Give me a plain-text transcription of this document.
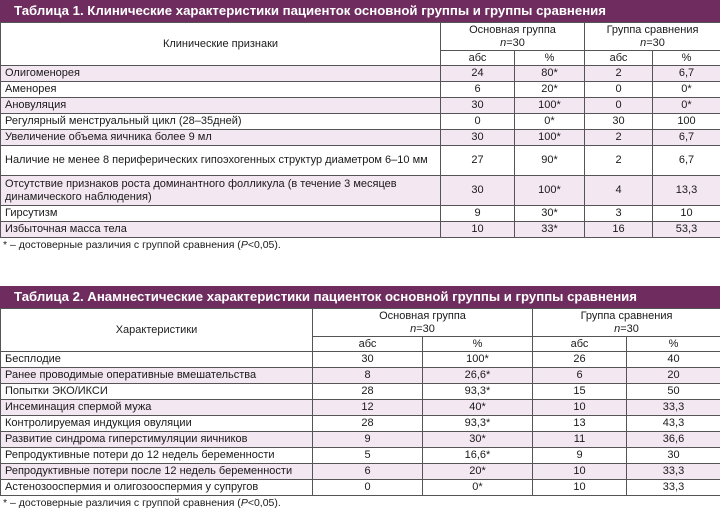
Таблица 1. Клинические характеристики пациенток основной группы и группы сравнения
Клинические признаки	Основная группа
n=30		Группа сравнения
n=30	
	абс	%	абс	%
Олигоменорея	24	80*	2	6,7
Аменорея	6	20*	0	0*
Ановуляция	30	100*	0	0*
Регулярный менструальный цикл (28–35дней)	0	0*	30	100
Увеличение объема яичника более 9 мл	30	100*	2	6,7
Наличие не менее 8 периферических гипоэхогенных структур диаметром 6–10 мм	27	90*	2	6,7
Отсутствие признаков роста доминантного фолликула (в течение 3 месяцев динамического наблюдения)	30	100*	4	13,3
Гирсутизм	9	30*	3	10
Избыточная масса тела	10	33*	16	53,3
* – достоверные различия с группой сравнения (P<0,05).
Таблица 2. Анамнестические характеристики пациенток основной группы и группы сравнения
Характеристики	Основная группа
n=30		Группа сравнения
n=30	
	абс	%	абс	%
Бесплодие	30	100*	26	40
Ранее проводимые оперативные вмешательства	8	26,6*	6	20
Попытки ЭКО/ИКСИ	28	93,3*	15	50
Инсеминация спермой мужа	12	40*	10	33,3
Контролируемая индукция овуляции	28	93,3*	13	43,3
Развитие синдрома гиперстимуляции яичников	9	30*	11	36,6
Репродуктивные потери до 12 недель беременности	5	16,6*	9	30
Репродуктивные потери после 12 недель беременности	6	20*	10	33,3
Астенозооспермия и олигозооспермия у супругов	0	0*	10	33,3
* – достоверные различия с группой сравнения (P<0,05).
